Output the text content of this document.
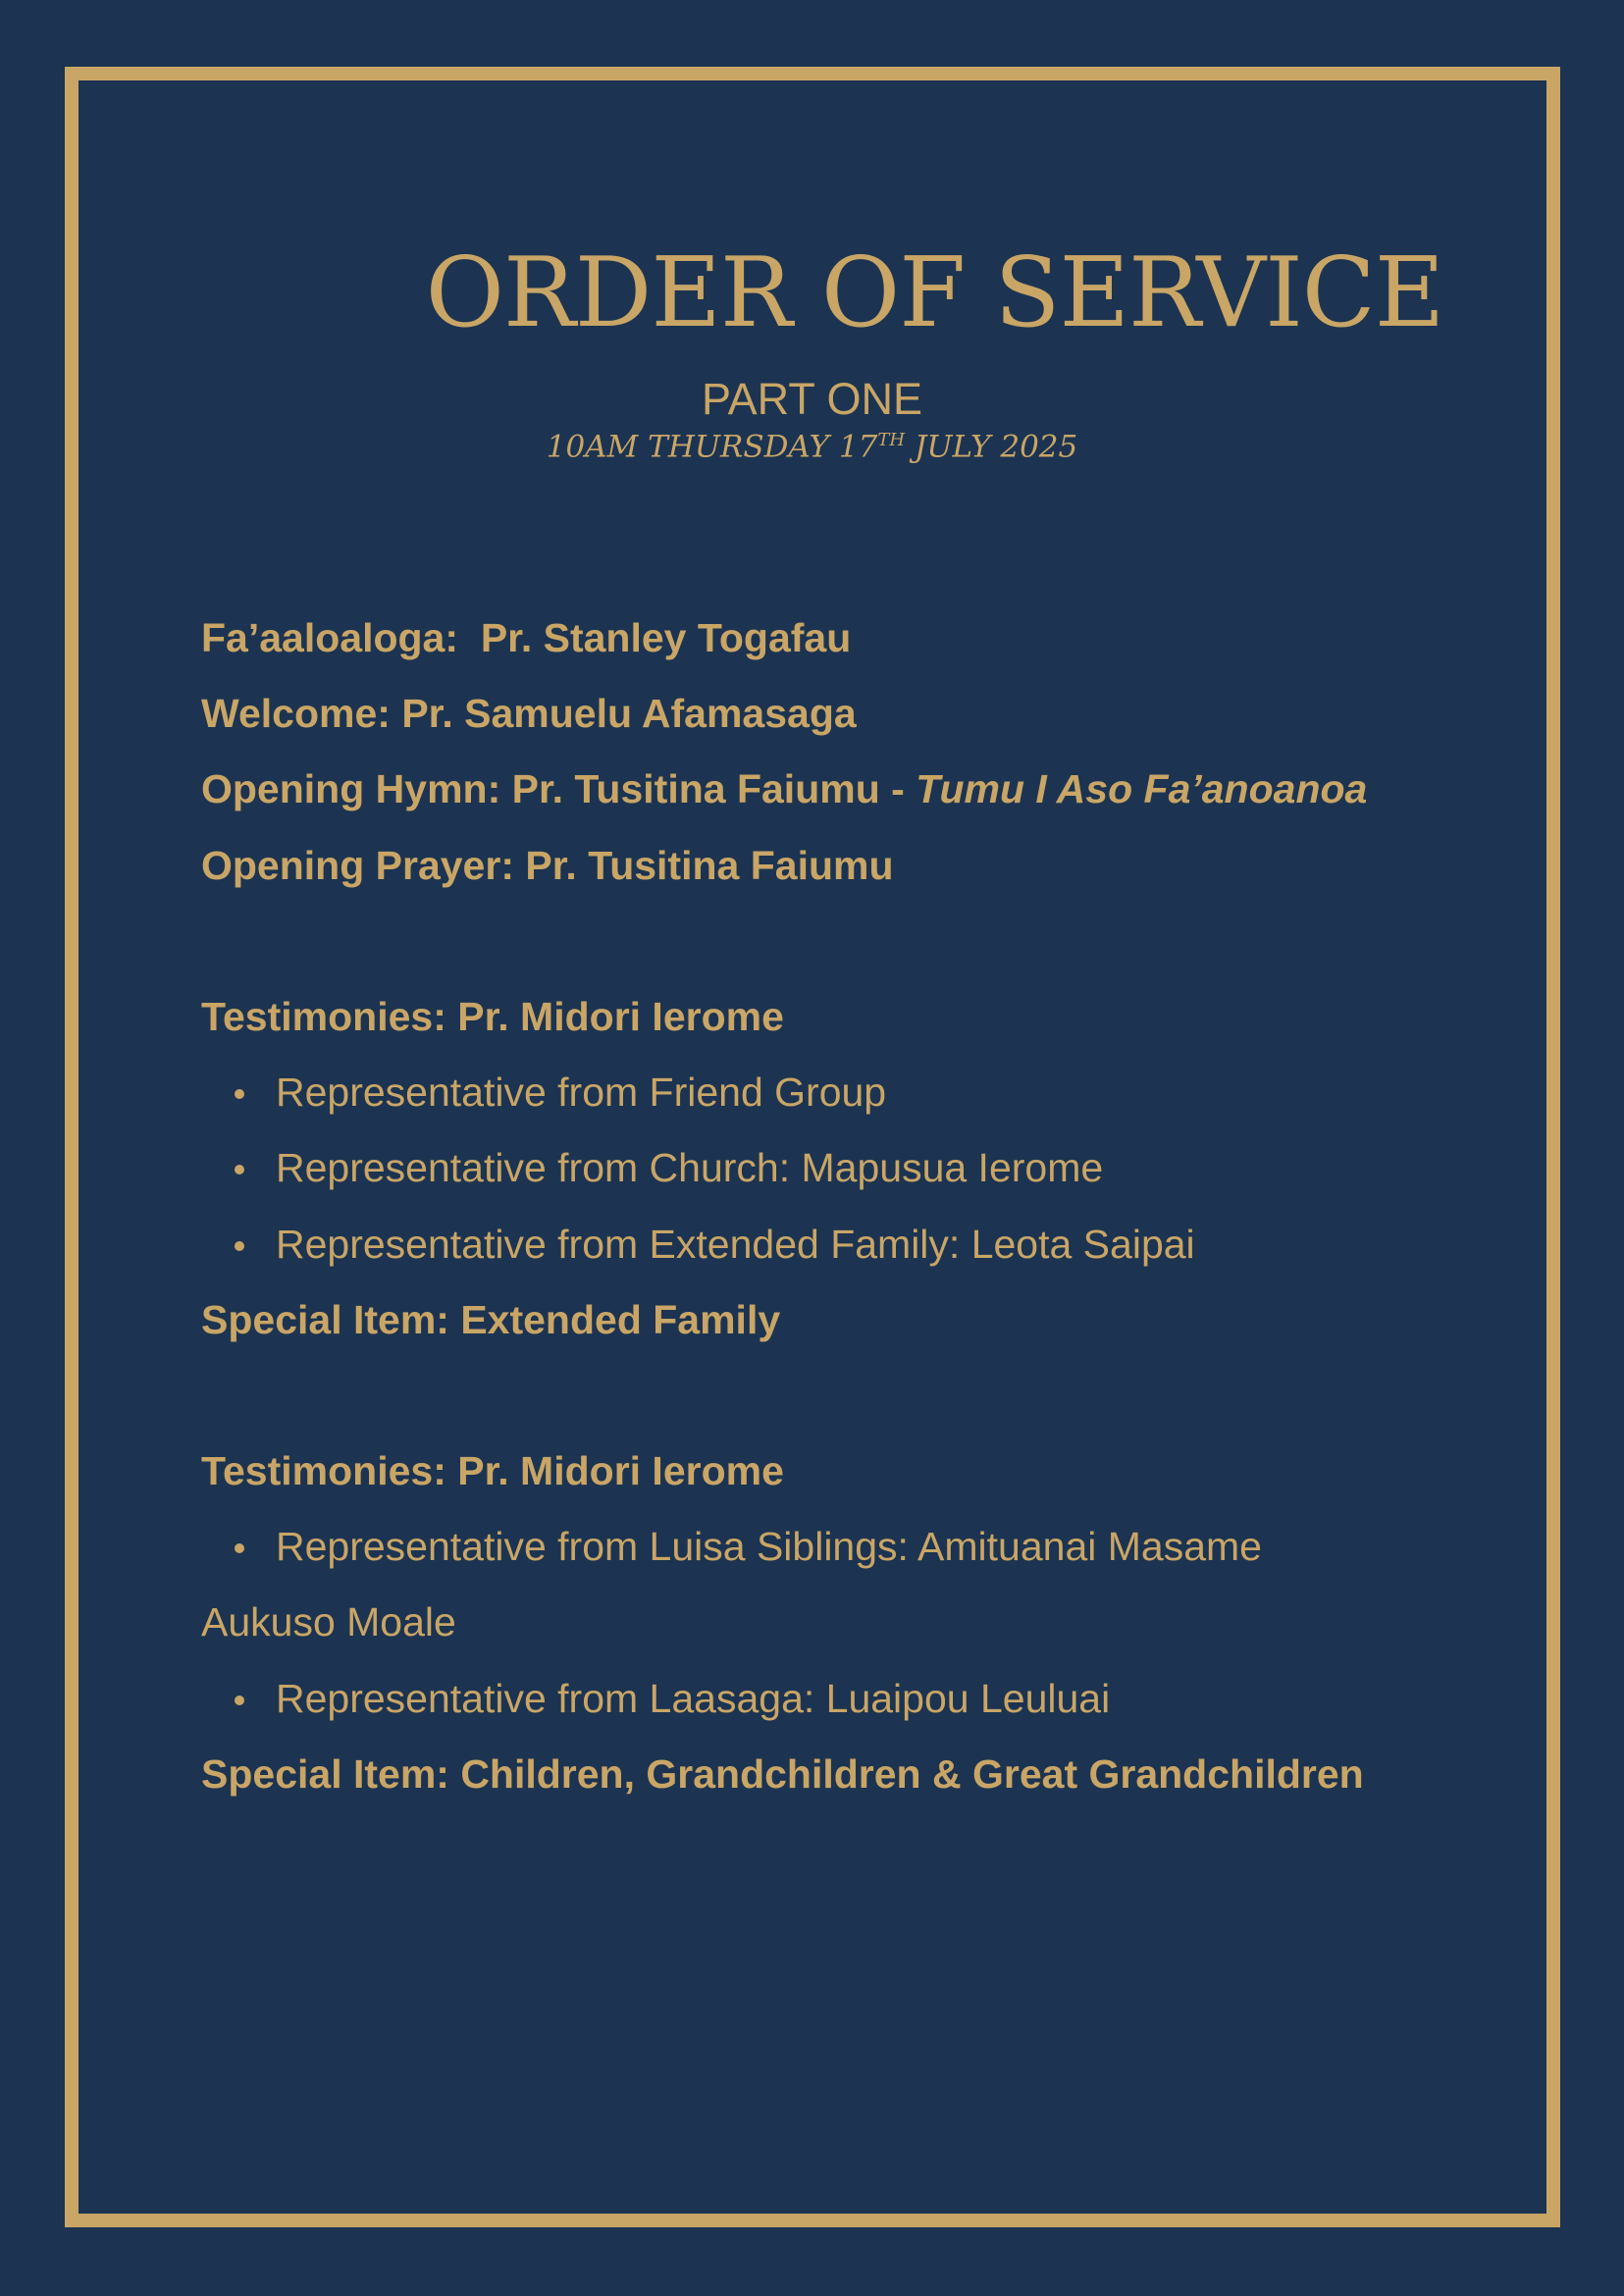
ORDER OF SERVICE
PART ONE
10AM THURSDAY 17TH JULY 2025
Fa’aaloaloga:  Pr. Stanley Togafau
Welcome: Pr. Samuelu Afamasaga
Opening Hymn: Pr. Tusitina Faiumu - Tumu I Aso Fa’anoanoa
Opening Prayer: Pr. Tusitina Faiumu
Testimonies: Pr. Midori Ierome
Representative from Friend Group
Representative from Church: Mapusua Ierome
Representative from Extended Family: Leota Saipai
Special Item: Extended Family
Testimonies: Pr. Midori Ierome
Representative from Luisa Siblings: Amituanai Masame
Aukuso Moale
Representative from Laasaga: Luaipou Leuluai
Special Item: Children, Grandchildren & Great Grandchildren
